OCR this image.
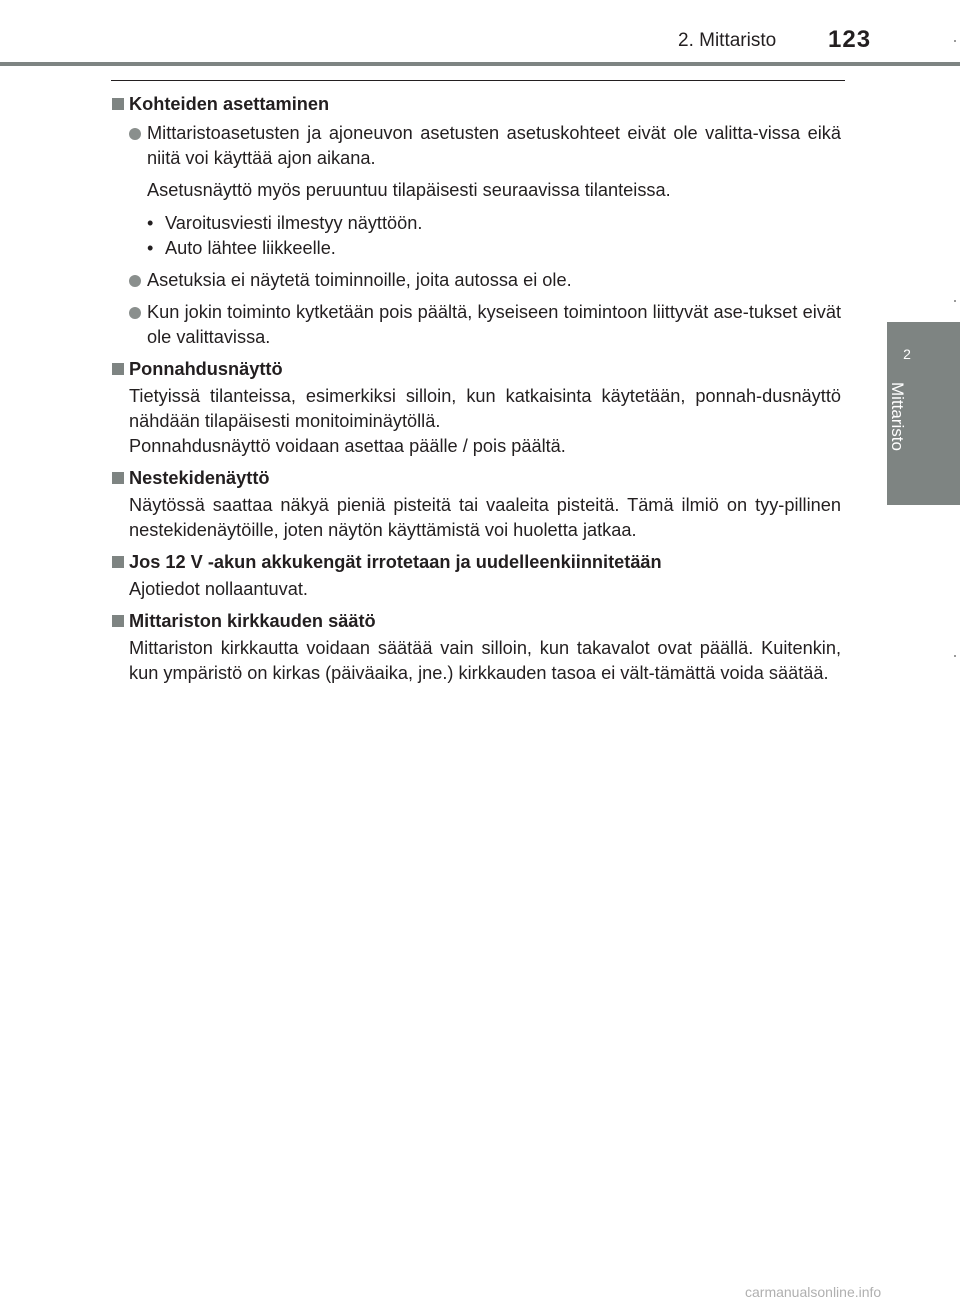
2. Mittaristo 123
2
Mittaristo
Kohteiden asettaminen
Mittaristoasetusten ja ajoneuvon asetusten asetuskohteet eivät ole valitta-vissa eikä niitä voi käyttää ajon aikana.
Asetusnäyttö myös peruuntuu tilapäisesti seuraavissa tilanteissa.
• Varoitusviesti ilmestyy näyttöön.
• Auto lähtee liikkeelle.
Asetuksia ei näytetä toiminnoille, joita autossa ei ole.
Kun jokin toiminto kytketään pois päältä, kyseiseen toimintoon liittyvät ase-tukset eivät ole valittavissa.
Ponnahdusnäyttö
Tietyissä tilanteissa, esimerkiksi silloin, kun katkaisinta käytetään, ponnah-dusnäyttö nähdään tilapäisesti monitoiminäytöllä.
Ponnahdusnäyttö voidaan asettaa päälle / pois päältä.
Nestekidenäyttö
Näytössä saattaa näkyä pieniä pisteitä tai vaaleita pisteitä. Tämä ilmiö on tyy-pillinen nestekidenäytöille, joten näytön käyttämistä voi huoletta jatkaa.
Jos 12 V -akun akkukengät irrotetaan ja uudelleenkiinnitetään
Ajotiedot nollaantuvat.
Mittariston kirkkauden säätö
Mittariston kirkkautta voidaan säätää vain silloin, kun takavalot ovat päällä. Kuitenkin, kun ympäristö on kirkas (päiväaika, jne.) kirkkauden tasoa ei vält-tämättä voida säätää.
carmanualsonline.info
